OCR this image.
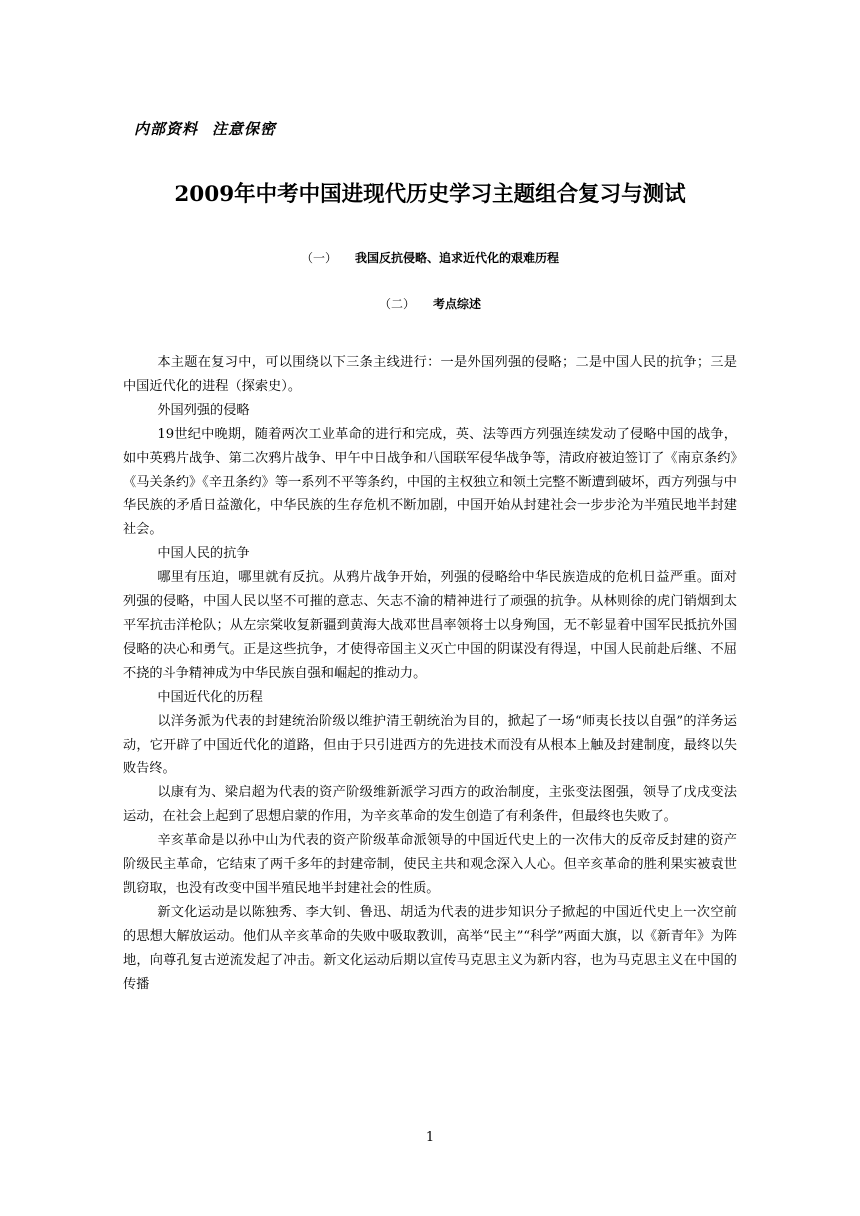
内部资料 注意保密
2009年中考中国进现代历史学习主题组合复习与测试
（一） 我国反抗侵略、追求近代化的艰难历程
（二） 考点综述

本主题在复习中，可以围绕以下三条主线进行：一是外国列强的侵略；二是中国人民的抗争；三是中国近代化的进程（探索史）。

外国列强的侵略

19世纪中晚期，随着两次工业革命的进行和完成，英、法等西方列强连续发动了侵略中国的战争，如中英鸦片战争、第二次鸦片战争、甲午中日战争和八国联军侵华战争等，清政府被迫签订了《南京条约》《马关条约》《辛丑条约》等一系列不平等条约，中国的主权独立和领土完整不断遭到破坏，西方列强与中华民族的矛盾日益激化，中华民族的生存危机不断加剧，中国开始从封建社会一步步沦为半殖民地半封建社会。

中国人民的抗争

哪里有压迫，哪里就有反抗。从鸦片战争开始，列强的侵略给中华民族造成的危机日益严重。面对列强的侵略，中国人民以坚不可摧的意志、矢志不渝的精神进行了顽强的抗争。从林则徐的虎门销烟到太平军抗击洋枪队；从左宗棠收复新疆到黄海大战邓世昌率领将士以身殉国，无不彰显着中国军民抵抗外国侵略的决心和勇气。正是这些抗争，才使得帝国主义灭亡中国的阴谋没有得逞，中国人民前赴后继、不屈不挠的斗争精神成为中华民族自强和崛起的推动力。

中国近代化的历程

以洋务派为代表的封建统治阶级以维护清王朝统治为目的，掀起了一场“师夷长技以自强”的洋务运动，它开辟了中国近代化的道路，但由于只引进西方的先进技术而没有从根本上触及封建制度，最终以失败告终。

以康有为、梁启超为代表的资产阶级维新派学习西方的政治制度，主张变法图强，领导了戊戌变法运动，在社会上起到了思想启蒙的作用，为辛亥革命的发生创造了有利条件，但最终也失败了。

辛亥革命是以孙中山为代表的资产阶级革命派领导的中国近代史上的一次伟大的反帝反封建的资产阶级民主革命，它结束了两千多年的封建帝制，使民主共和观念深入人心。但辛亥革命的胜利果实被袁世凯窃取，也没有改变中国半殖民地半封建社会的性质。

新文化运动是以陈独秀、李大钊、鲁迅、胡适为代表的进步知识分子掀起的中国近代史上一次空前的思想大解放运动。他们从辛亥革命的失败中吸取教训，高举“民主”“科学”两面大旗，以《新青年》为阵地，向尊孔复古逆流发起了冲击。新文化运动后期以宣传马克思主义为新内容，也为马克思主义在中国的传播

1
